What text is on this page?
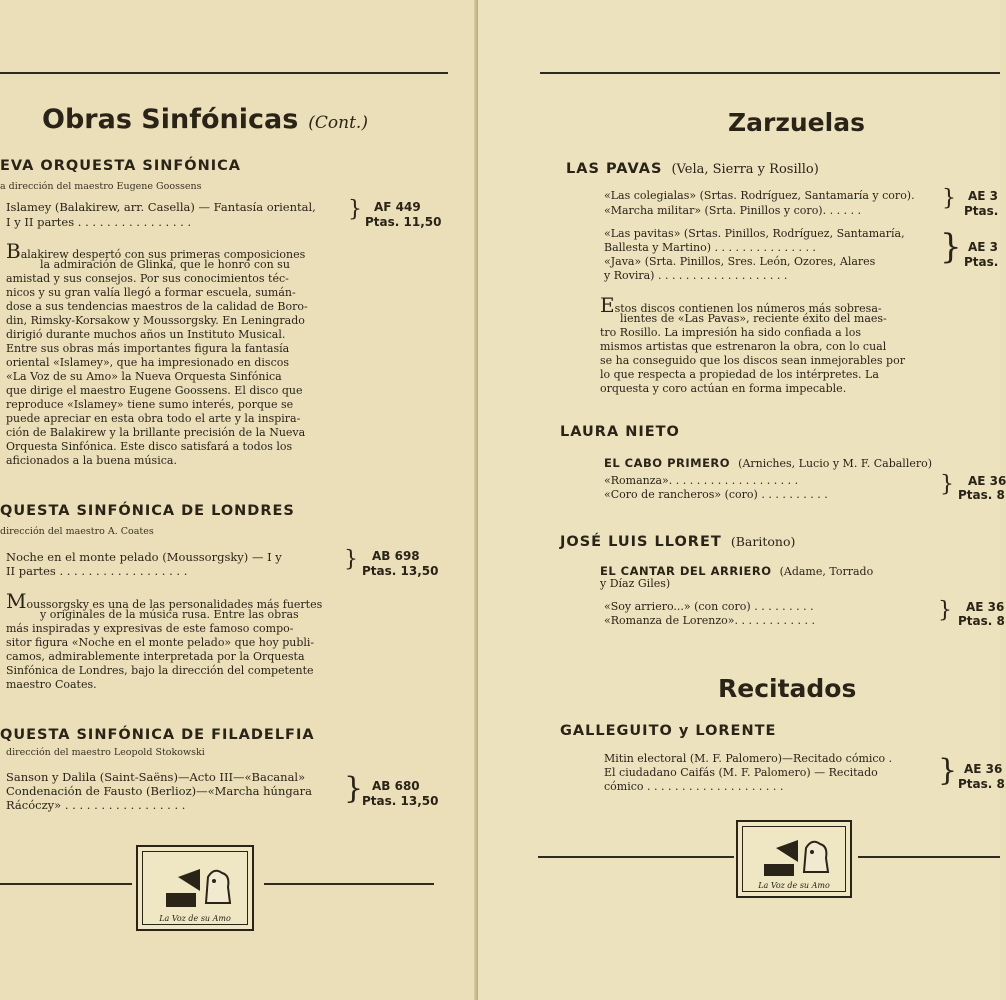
Obras Sinfónicas (Cont.)
EVA ORQUESTA SINFÓNICA
a dirección del maestro Eugene Goossens
Islamey (Balakirew, arr. Casella) — Fantasía oriental,
I y II partes . . . . . . . . . . . . . . . .	} AF 449
Ptas. 11,50
Balakirew despertó con sus primeras composiciones
la admiración de Glinka, que le honró con su
amistad y sus consejos. Por sus conocimientos téc-
nicos y su gran valía llegó a formar escuela, sumán-
dose a sus tendencias maestros de la calidad de Boro-
din, Rimsky-Korsakow y Moussorgsky. En Leningrado
dirigió durante muchos años un Instituto Musical.
Entre sus obras más importantes figura la fantasía
oriental «Islamey», que ha impresionado en discos
«La Voz de su Amo» la Nueva Orquesta Sinfónica
que dirige el maestro Eugene Goossens. El disco que
reproduce «Islamey» tiene sumo interés, porque se
puede apreciar en esta obra todo el arte y la inspira-
ción de Balakirew y la brillante precisión de la Nueva
Orquesta Sinfónica. Este disco satisfará a todos los
aficionados a la buena música.
QUESTA SINFÓNICA DE LONDRES
dirección del maestro A. Coates
Noche en el monte pelado (Moussorgsky) — I y
II partes . . . . . . . . . . . . . . . . . .	} AB 698
Ptas. 13,50
Moussorgsky es una de las personalidades más fuertes
y originales de la música rusa. Entre las obras
más inspiradas y expresivas de este famoso compo-
sitor figura «Noche en el monte pelado» que hoy publi-
camos, admirablemente interpretada por la Orquesta
Sinfónica de Londres, bajo la dirección del competente
maestro Coates.
QUESTA SINFÓNICA DE FILADELFIA
dirección del maestro Leopold Stokowski
Sanson y Dalila (Saint-Saëns)—Acto III—«Bacanal»
Condenación de Fausto (Berlioz)—«Marcha húngara
Rácóczy» . . . . . . . . . . . . . . . . .	} AB 680
Ptas. 13,50
La Voz de su Amo
Zarzuelas
LAS PAVAS (Vela, Sierra y Rosillo)
«Las colegialas» (Srtas. Rodríguez, Santamaría y coro).
«Marcha militar» (Srta. Pinillos y coro). . . . . .	} AE 3
Ptas.
«Las pavitas» (Srtas. Pinillos, Rodríguez, Santamaría,
Ballesta y Martino) . . . . . . . . . . . . . . .
«Java» (Srta. Pinillos, Sres. León, Ozores, Alares
y Rovira) . . . . . . . . . . . . . . . . . . .
} AE 3
Ptas.
Estos discos contienen los números más sobresa-
lientes de «Las Pavas», reciente éxito del maes-
tro Rosillo. La impresión ha sido confiada a los
mismos artistas que estrenaron la obra, con lo cual
se ha conseguido que los discos sean inmejorables por
lo que respecta a propiedad de los intérpretes. La
orquesta y coro actúan en forma impecable.
LAURA NIETO
EL CABO PRIMERO (Arniches, Lucio y M. F. Caballero)
«Romanza». . . . . . . . . . . . . . . . . . .
«Coro de rancheros» (coro) . . . . . . . . . .	} AE 36
Ptas. 8
JOSÉ LUIS LLORET (Baritono)
EL CANTAR DEL ARRIERO (Adame, Torrado
y Díaz Giles)
«Soy arriero...» (con coro) . . . . . . . . .
«Romanza de Lorenzo». . . . . . . . . . . .	} AE 36
Ptas. 8
Recitados
GALLEGUITO y LORENTE
Mitin electoral (M. F. Palomero)—Recitado cómico .
El ciudadano Caifás (M. F. Palomero) — Recitado
cómico . . . . . . . . . . . . . . . . . . . .	} AE 36
Ptas. 8
La Voz de su Amo
